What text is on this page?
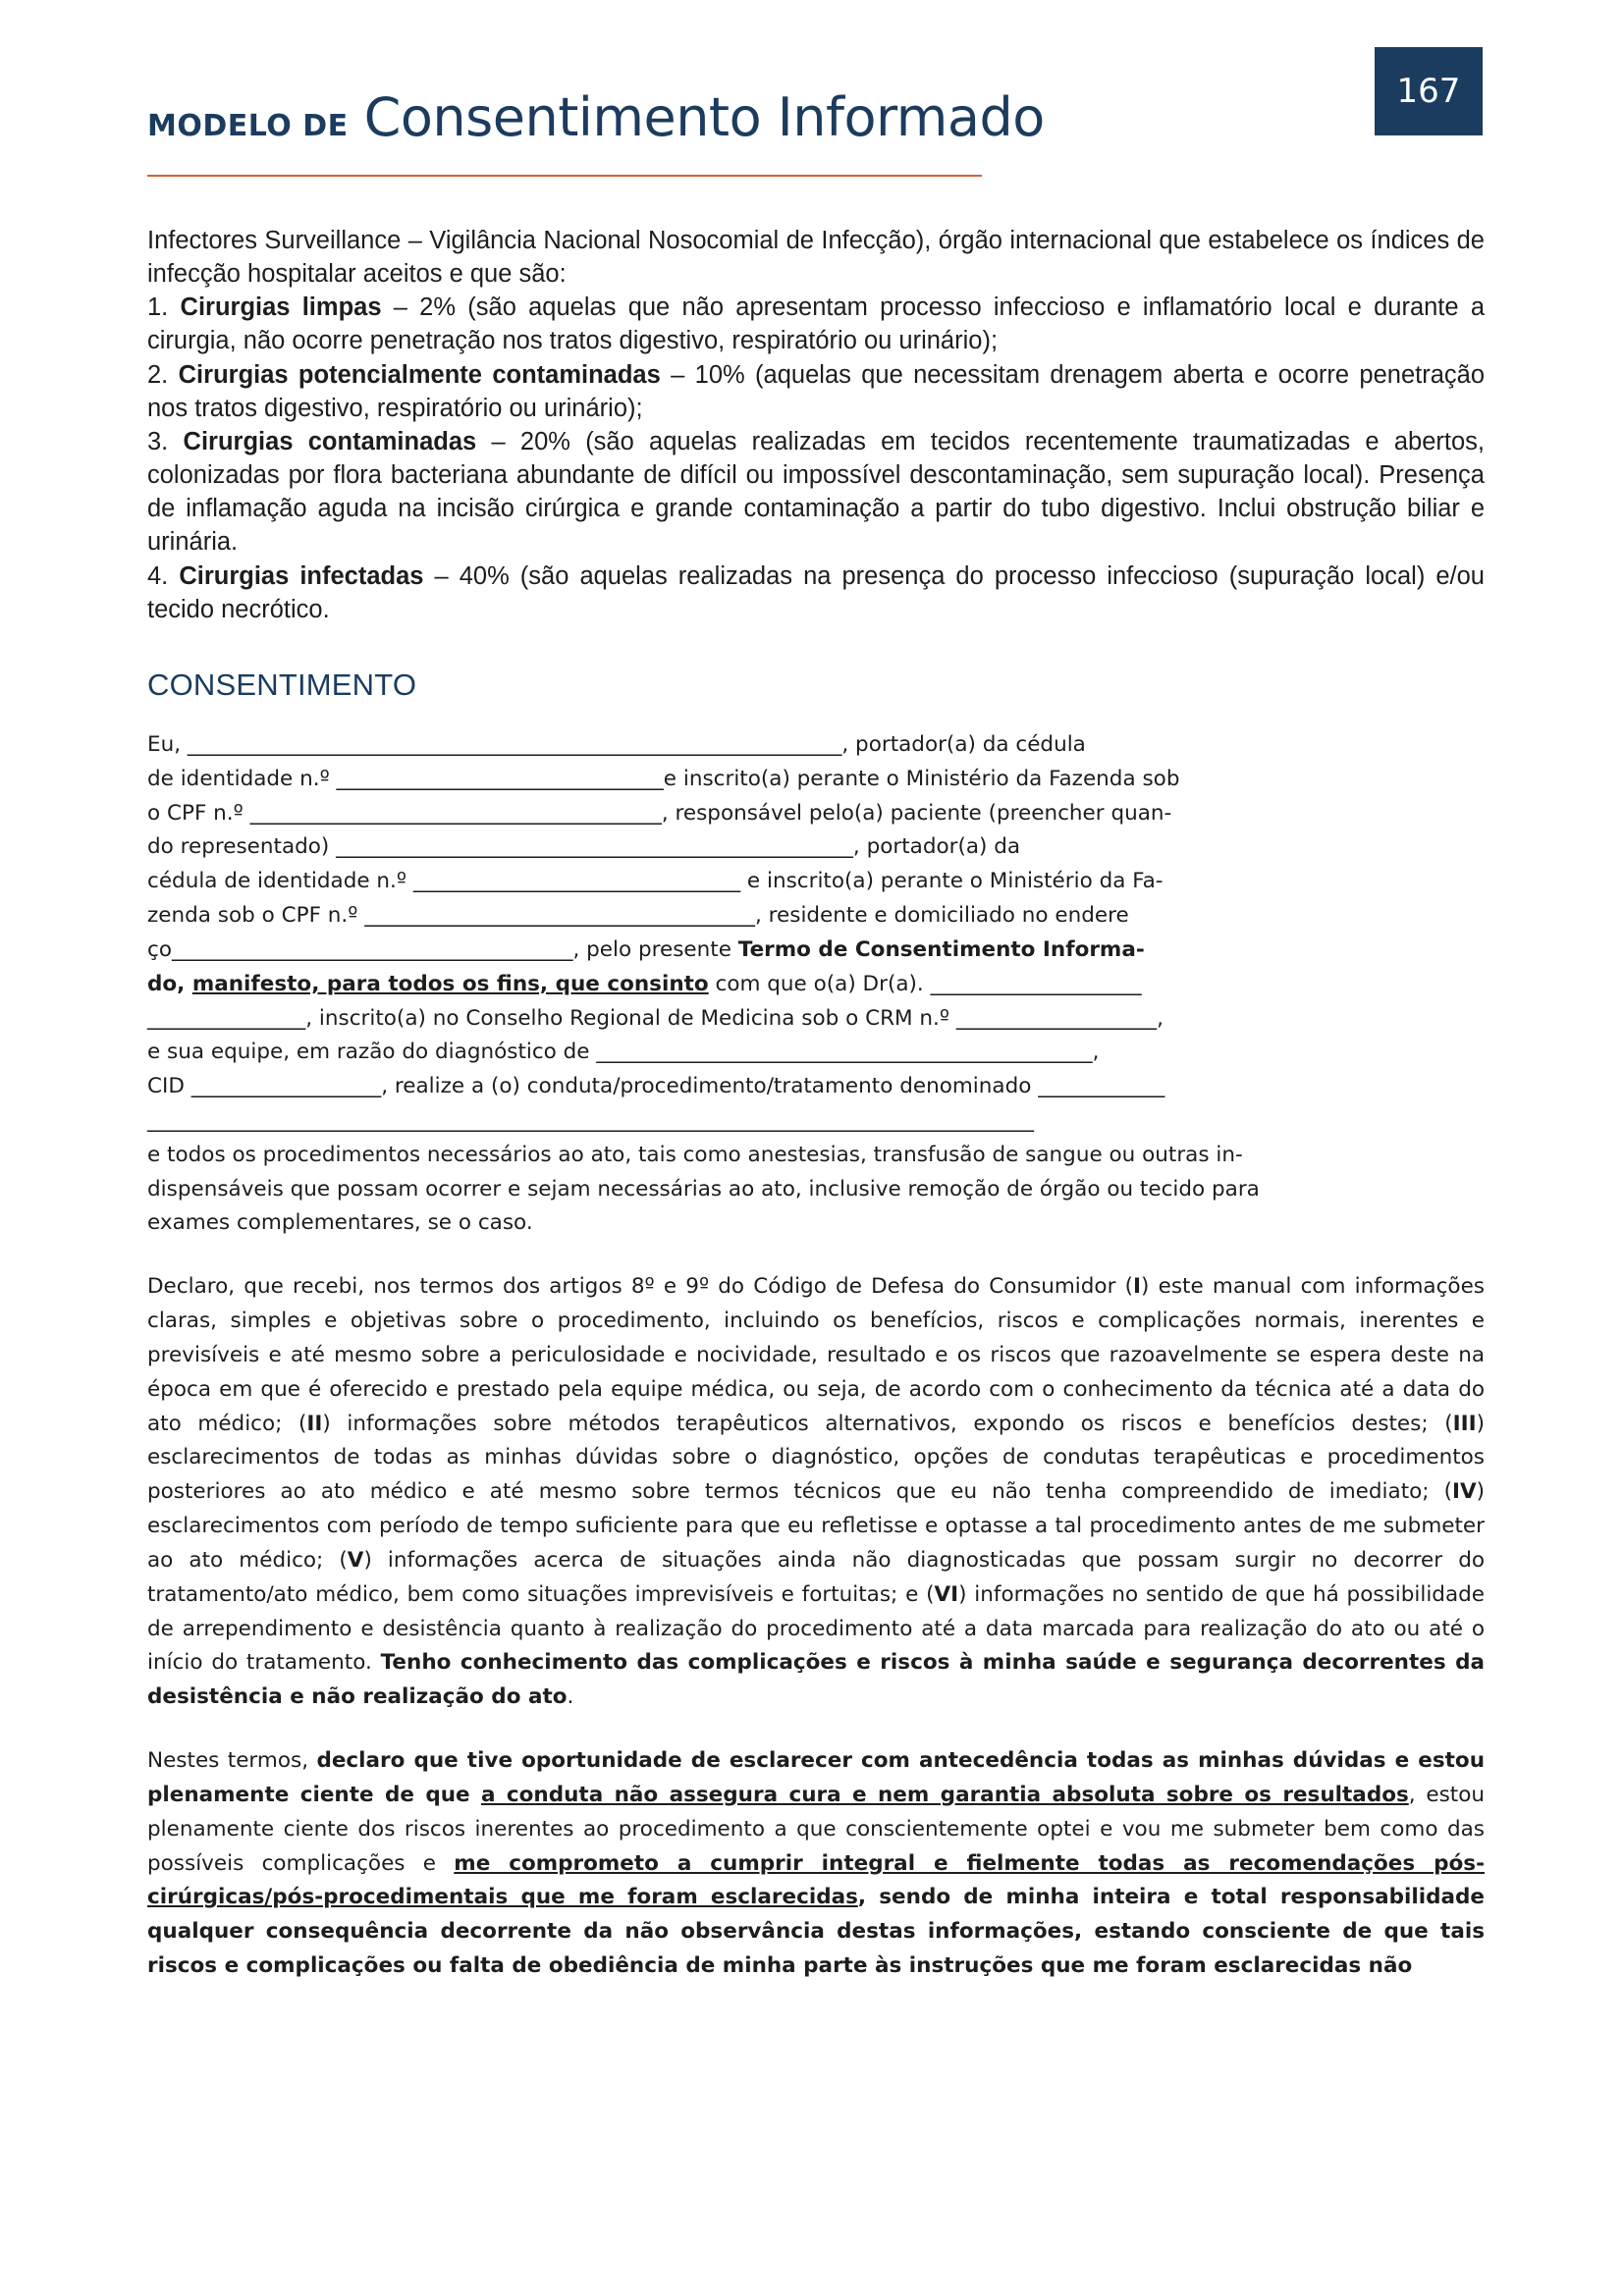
MODELO DE Consentimento Informado	167

Infectores Surveillance – Vigilância Nacional Nosocomial de Infecção), órgão internacional que estabelece os índices de infecção hospitalar aceitos e que são:

1. Cirurgias limpas – 2% (são aquelas que não apresentam processo infeccioso e inflamatório local e durante a cirurgia, não ocorre penetração nos tratos digestivo, respiratório ou urinário);

2. Cirurgias potencialmente contaminadas – 10% (aquelas que necessitam drenagem aberta e ocorre penetração nos tratos digestivo, respiratório ou urinário);

3. Cirurgias contaminadas – 20% (são aquelas realizadas em tecidos recentemente traumatizadas e abertos, colonizadas por flora bacteriana abundante de difícil ou impossível descontaminação, sem supuração local). Presença de inflamação aguda na incisão cirúrgica e grande contaminação a partir do tubo digestivo. Inclui obstrução biliar e urinária.

4. Cirurgias infectadas – 40% (são aquelas realizadas na presença do processo infeccioso (supuração local) e/ou tecido necrótico.

CONSENTIMENTO

Eu, ______________________________________________________________, portador(a) da cédula

de identidade n.º _______________________________e inscrito(a) perante o Ministério da Fazenda sob

o CPF n.º _______________________________________, responsável pelo(a) paciente (preencher quan-

do representado) _________________________________________________, portador(a) da

cédula de identidade n.º _______________________________ e inscrito(a) perante o Ministério da Fa-

zenda sob o CPF n.º _____________________________________, residente e domiciliado no endere

ço______________________________________, pelo presente Termo de Consentimento Informa-

do, manifesto, para todos os fins, que consinto com que o(a) Dr(a). ____________________

_______________, inscrito(a) no Conselho Regional de Medicina sob o CRM n.º ___________________,

e sua equipe, em razão do diagnóstico de _______________________________________________,

CID __________________, realize a (o) conduta/procedimento/tratamento denominado ____________

____________________________________________________________________________________

e todos os procedimentos necessários ao ato, tais como anestesias, transfusão de sangue ou outras in-

dispensáveis que possam ocorrer e sejam necessárias ao ato, inclusive remoção de órgão ou tecido para

exames complementares, se o caso.

Declaro, que recebi, nos termos dos artigos 8º e 9º do Código de Defesa do Consumidor (I) este manual com informações claras, simples e objetivas sobre o procedimento, incluindo os benefícios, riscos e complicações normais, inerentes e previsíveis e até mesmo sobre a periculosidade e nocividade, resultado e os riscos que razoavelmente se espera deste na época em que é oferecido e prestado pela equipe médica, ou seja, de acordo com o conhecimento da técnica até a data do ato médico; (II) informações sobre métodos terapêuticos alternativos, expondo os riscos e benefícios destes; (III) esclarecimentos de todas as minhas dúvidas sobre o diagnóstico, opções de condutas terapêuticas e procedimentos posteriores ao ato médico e até mesmo sobre termos técnicos que eu não tenha compreendido de imediato; (IV) esclarecimentos com período de tempo suficiente para que eu refletisse e optasse a tal procedimento antes de me submeter ao ato médico; (V) informações acerca de situações ainda não diagnosticadas que possam surgir no decorrer do tratamento/ato médico, bem como situações imprevisíveis e fortuitas; e (VI) informações no sentido de que há possibilidade de arrependimento e desistência quanto à realização do procedimento até a data marcada para realização do ato ou até o início do tratamento. Tenho conhecimento das complicações e riscos à minha saúde e segurança decorrentes da desistência e não realização do ato.

Nestes termos, declaro que tive oportunidade de esclarecer com antecedência todas as minhas dúvidas e estou plenamente ciente de que a conduta não assegura cura e nem garantia absoluta sobre os resultados, estou plenamente ciente dos riscos inerentes ao procedimento a que conscientemente optei e vou me submeter bem como das possíveis complicações e me comprometo a cumprir integral e fielmente todas as recomendações pós-cirúrgicas/pós-procedimentais que me foram esclarecidas, sendo de minha inteira e total responsabilidade qualquer consequência decorrente da não observância destas informações, estando consciente de que tais riscos e complicações ou falta de obediência de minha parte às instruções que me foram esclarecidas não
